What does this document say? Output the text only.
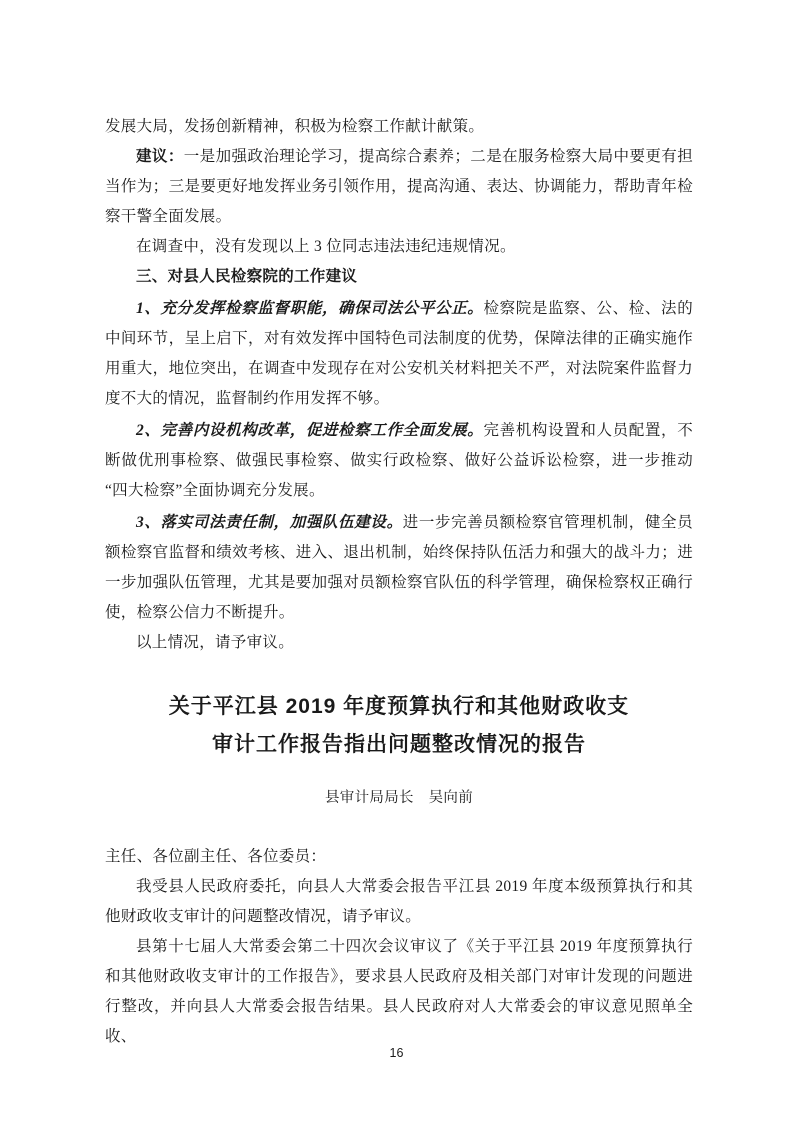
发展大局，发扬创新精神，积极为检察工作献计献策。

建议：一是加强政治理论学习，提高综合素养；二是在服务检察大局中要更有担当作为；三是要更好地发挥业务引领作用，提高沟通、表达、协调能力，帮助青年检察干警全面发展。

在调查中，没有发现以上 3 位同志违法违纪违规情况。

三、对县人民检察院的工作建议

1、充分发挥检察监督职能，确保司法公平公正。检察院是监察、公、检、法的中间环节，呈上启下，对有效发挥中国特色司法制度的优势，保障法律的正确实施作用重大，地位突出，在调查中发现存在对公安机关材料把关不严，对法院案件监督力度不大的情况，监督制约作用发挥不够。

2、完善内设机构改革，促进检察工作全面发展。完善机构设置和人员配置，不断做优刑事检察、做强民事检察、做实行政检察、做好公益诉讼检察，进一步推动“四大检察”全面协调充分发展。

3、落实司法责任制，加强队伍建设。进一步完善员额检察官管理机制，健全员额检察官监督和绩效考核、进入、退出机制，始终保持队伍活力和强大的战斗力；进一步加强队伍管理，尤其是要加强对员额检察官队伍的科学管理，确保检察权正确行使，检察公信力不断提升。

以上情况，请予审议。

关于平江县 2019 年度预算执行和其他财政收支
审计工作报告指出问题整改情况的报告

县审计局局长　吴向前

主任、各位副主任、各位委员：

我受县人民政府委托，向县人大常委会报告平江县 2019 年度本级预算执行和其他财政收支审计的问题整改情况，请予审议。

县第十七届人大常委会第二十四次会议审议了《关于平江县 2019 年度预算执行和其他财政收支审计的工作报告》，要求县人民政府及相关部门对审计发现的问题进行整改，并向县人大常委会报告结果。县人民政府对人大常委会的审议意见照单全收、

16
